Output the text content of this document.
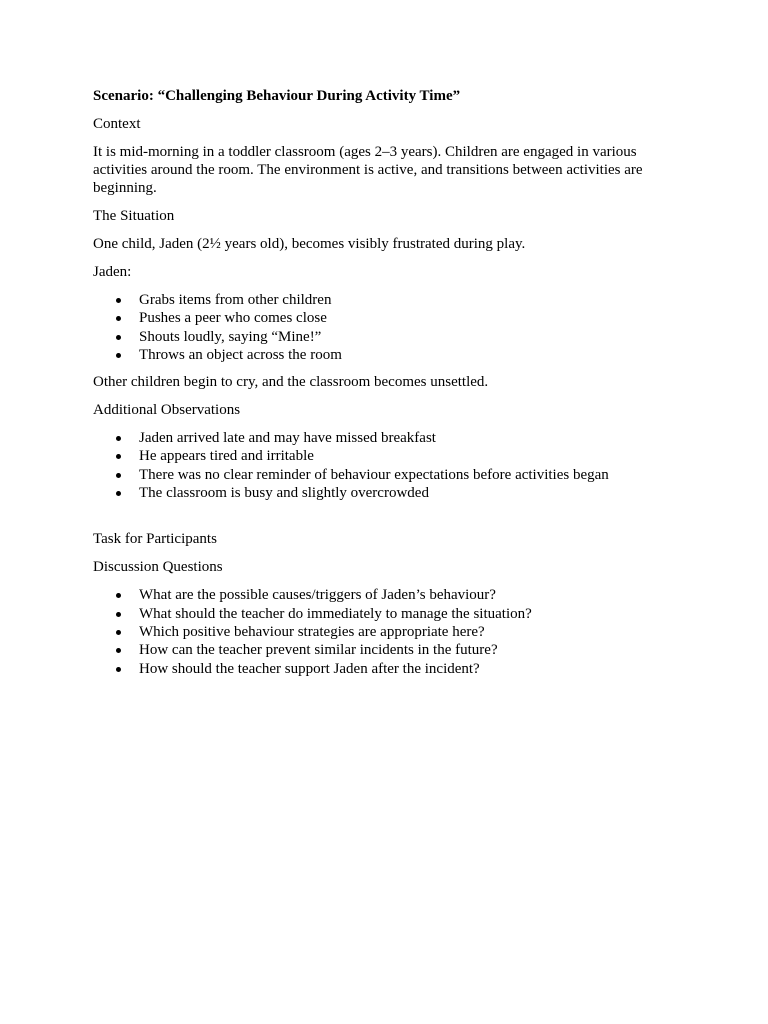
Scenario: “Challenging Behaviour During Activity Time”
Context
It is mid-morning in a toddler classroom (ages 2–3 years). Children are engaged in various activities around the room. The environment is active, and transitions between activities are beginning.
The Situation
One child, Jaden (2½ years old), becomes visibly frustrated during play.
Jaden:
Grabs items from other children
Pushes a peer who comes close
Shouts loudly, saying “Mine!”
Throws an object across the room
Other children begin to cry, and the classroom becomes unsettled.
Additional Observations
Jaden arrived late and may have missed breakfast
He appears tired and irritable
There was no clear reminder of behaviour expectations before activities began
The classroom is busy and slightly overcrowded
Task for Participants
Discussion Questions
What are the possible causes/triggers of Jaden’s behaviour?
What should the teacher do immediately to manage the situation?
Which positive behaviour strategies are appropriate here?
How can the teacher prevent similar incidents in the future?
How should the teacher support Jaden after the incident?
